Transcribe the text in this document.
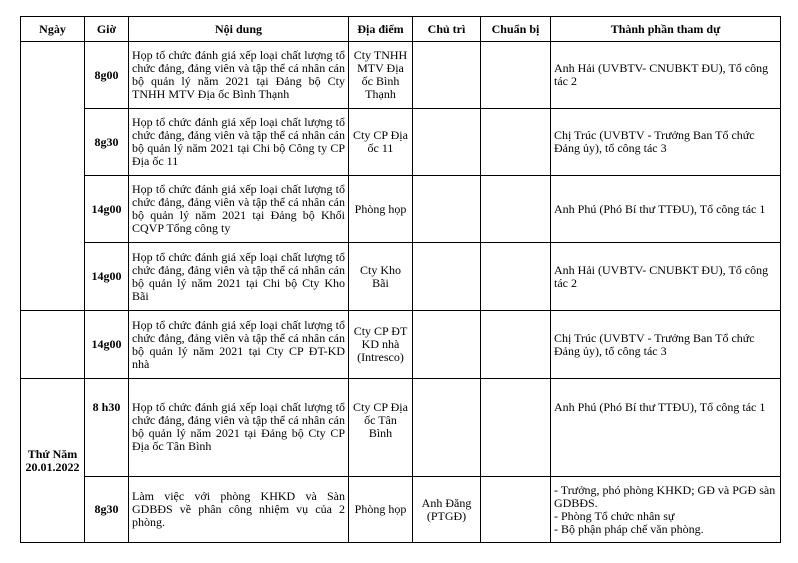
Ngày	Giờ	Nội dung	Địa điểm	Chủ trì	Chuẩn bị	Thành phần tham dự
	8g00	Họp tổ chức đánh giá xếp loại chất lượng tổ chức đảng, đảng viên và tập thể cá nhân cán bộ quản lý năm 2021 tại Đảng bộ Cty TNHH MTV Địa ốc Bình Thạnh	Cty TNHH MTV Địa ốc Bình Thạnh			Anh Hải (UVBTV- CNUBKT ĐU), Tổ công tác 2
	8g30	Họp tổ chức đánh giá xếp loại chất lượng tổ chức đảng, đảng viên và tập thể cá nhân cán bộ quản lý năm 2021 tại Chi bộ Công ty CP Địa ốc 11	Cty CP Địa ốc 11			Chị Trúc (UVBTV - Trưởng Ban Tổ chức Đảng ủy), tổ công tác 3
	14g00	Họp tổ chức đánh giá xếp loại chất lượng tổ chức đảng, đảng viên và tập thể cá nhân cán bộ quản lý năm 2021 tại Đảng bộ Khối CQVP Tổng công ty	Phòng họp			Anh Phú (Phó Bí thư TTĐU), Tổ công tác 1
	14g00	Họp tổ chức đánh giá xếp loại chất lượng tổ chức đảng, đảng viên và tập thể cá nhân cán bộ quản lý năm 2021 tại Chi bộ Cty Kho Bãi	Cty Kho Bãi			Anh Hải (UVBTV- CNUBKT ĐU), Tổ công tác 2
	14g00	Họp tổ chức đánh giá xếp loại chất lượng tổ chức đảng, đảng viên và tập thể cá nhân cán bộ quản lý năm 2021 tại Cty CP ĐT-KD nhà	Cty CP ĐT KD nhà (Intresco)			Chị Trúc (UVBTV - Trưởng Ban Tổ chức Đảng ủy), tổ công tác 3

Thứ Năm
20.01.2022	8 h30	Họp tổ chức đánh giá xếp loại chất lượng tổ chức đảng, đảng viên và tập thể cá nhân cán bộ quản lý năm 2021 tại Đảng bộ Cty CP Địa ốc Tân Bình	Cty CP Địa ốc Tân Bình			Anh Phú (Phó Bí thư TTĐU), Tổ công tác 1
	8g30	Làm việc với phòng KHKD và Sàn GDBĐS về phân công nhiệm vụ của 2 phòng.	Phòng họp	Anh Đăng (PTGĐ)		- Trưởng, phó phòng KHKD; GĐ và PGĐ sàn GDBĐS.
- Phòng Tổ chức nhân sự
- Bộ phận pháp chế văn phòng.
